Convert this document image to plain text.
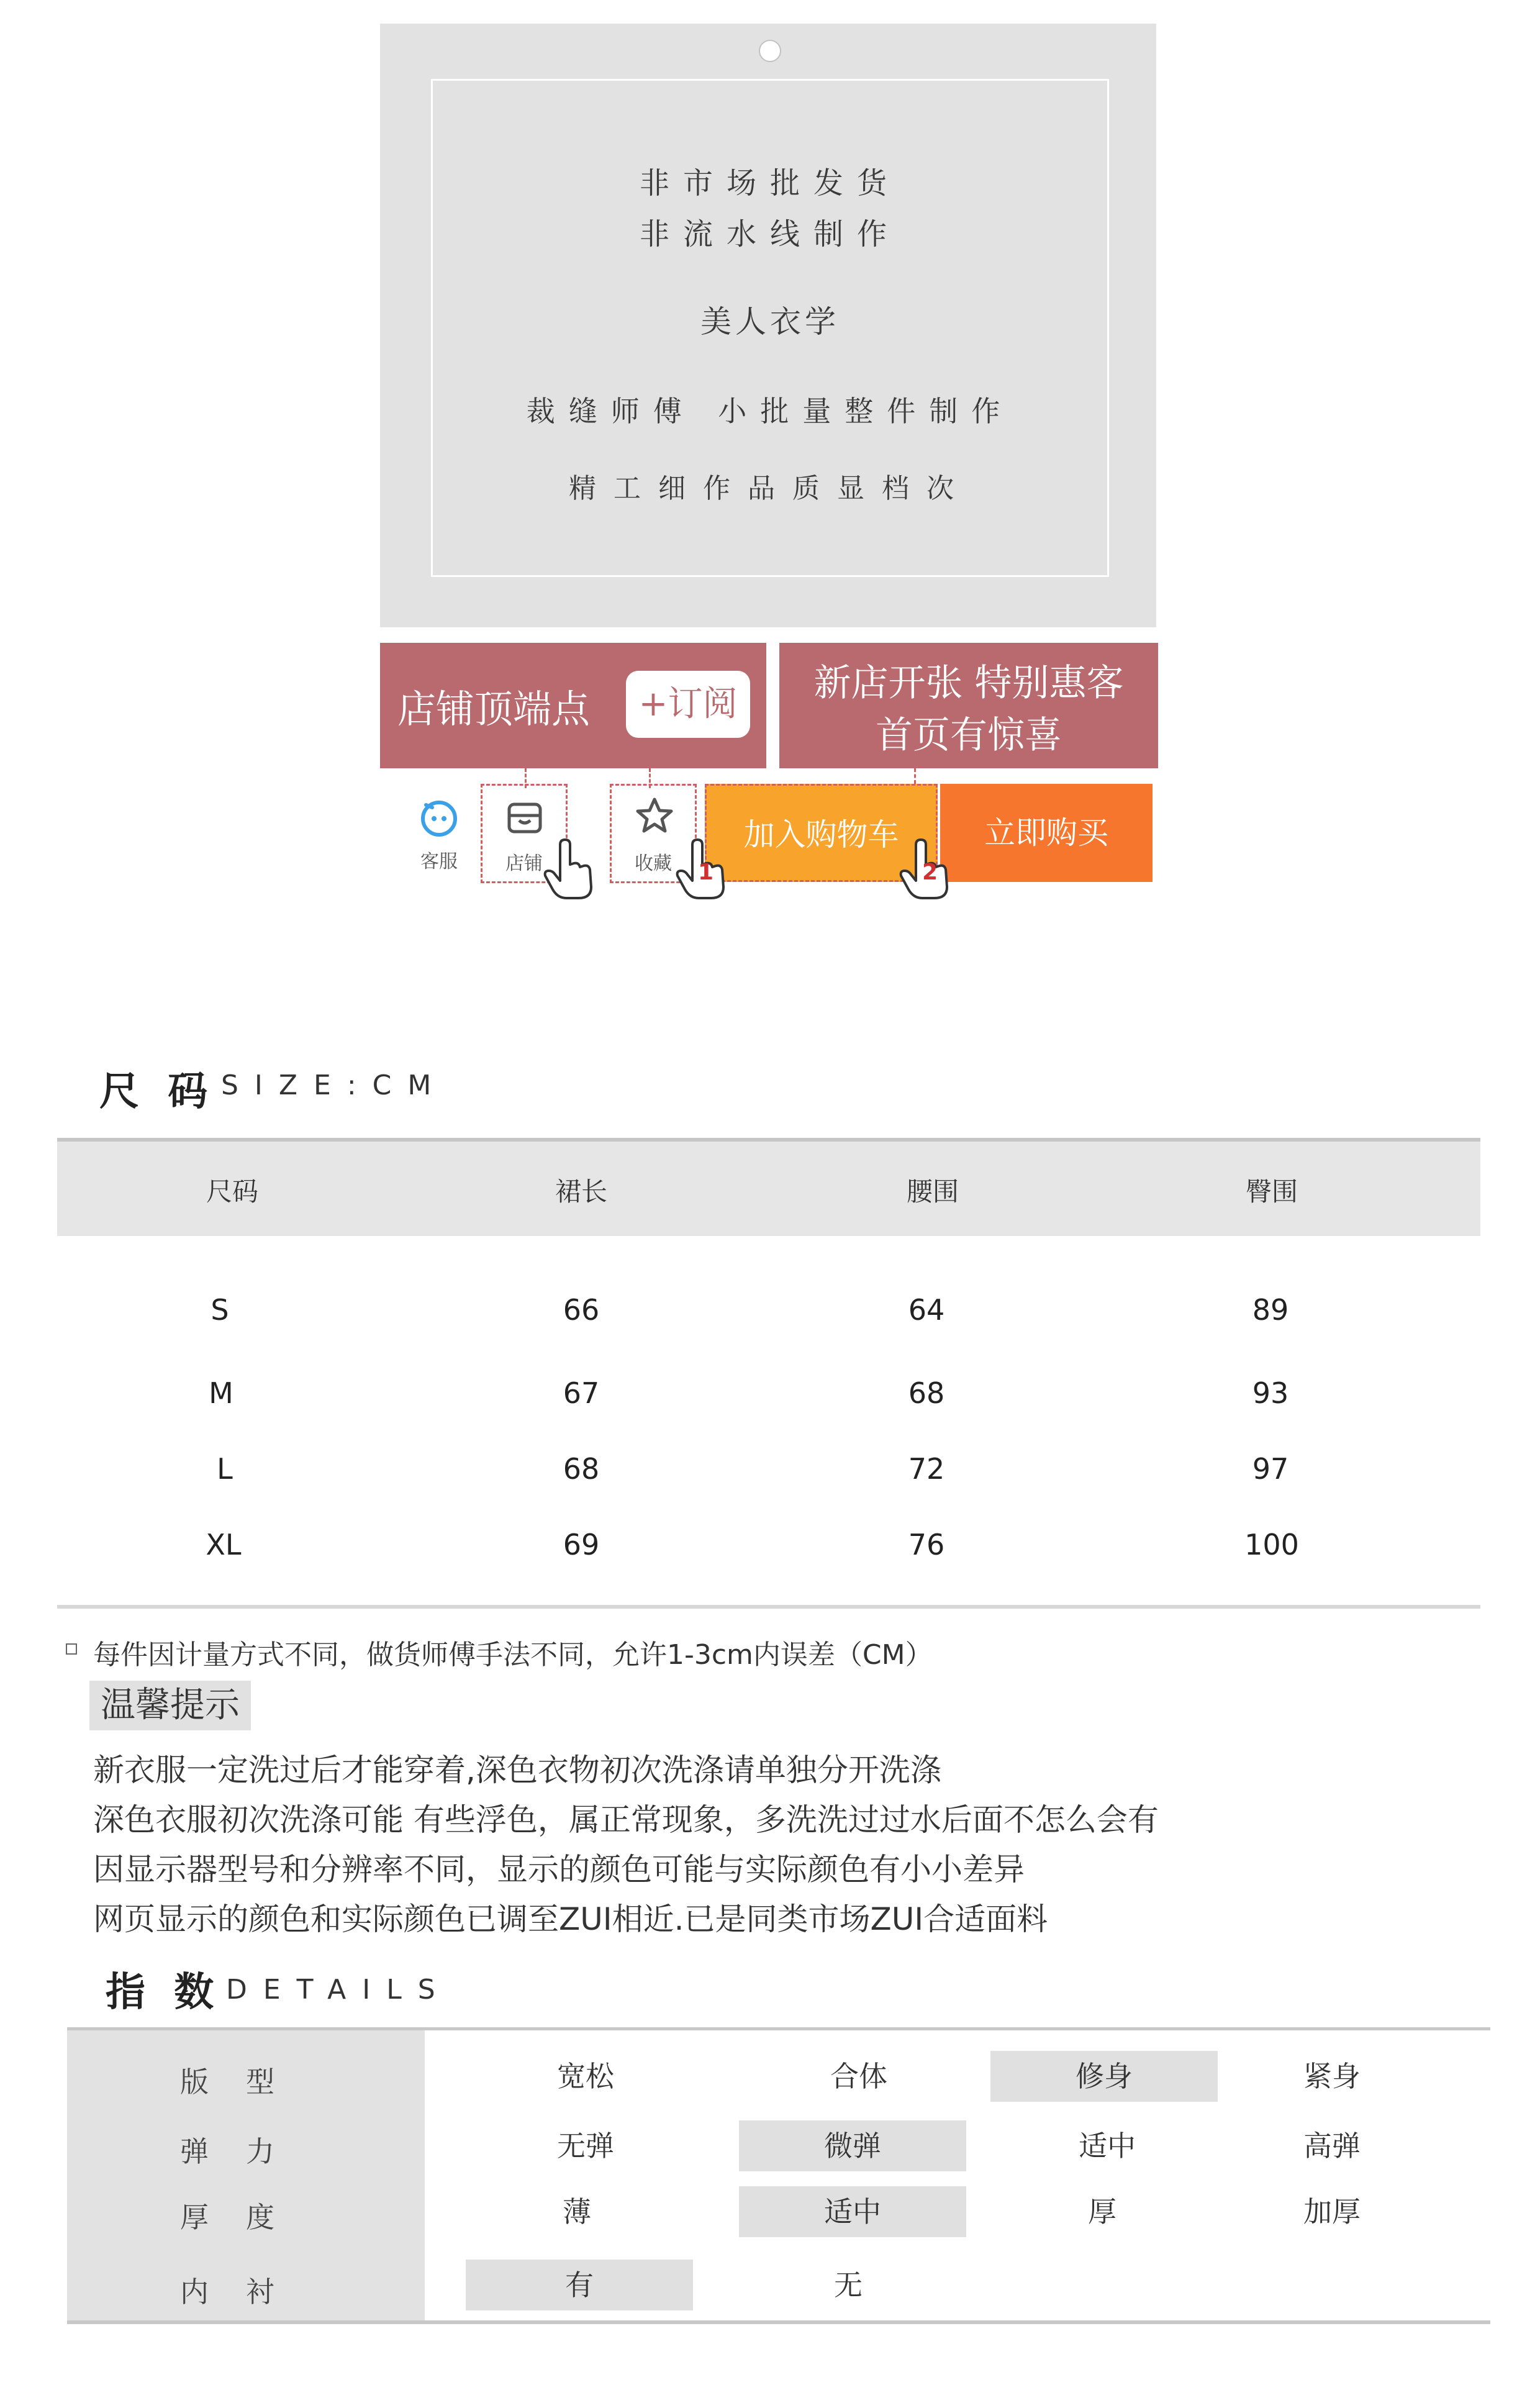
非市场批发货
非流水线制作
美人衣学
裁缝师傅 小批量整件制作
精工细作品质显档次
店铺顶端点	+订阅	新店开张 特别惠客
首页有惊喜
客服	店铺	收藏
加入购物车	立即购买
1	2
尺 码 SIZE:CM
尺码	裙长	腰围	臀围
S	66	64	89
M	67	68	93
L	68	72	97
XL	69	76	100
每件因计量方式不同，做货师傅手法不同，允许1-3cm内误差（CM）
温馨提示
新衣服一定洗过后才能穿着,深色衣物初次洗涤请单独分开洗涤
深色衣服初次洗涤可能 有些浮色，属正常现象，多洗洗过过水后面不怎么会有
因显示器型号和分辨率不同，显示的颜色可能与实际颜色有小小差异
网页显示的颜色和实际颜色已调至ZUI相近.已是同类市场ZUI合适面料
指 数 DETAILS
版型	宽松	合体	修身	紧身
弹力	无弹	微弹	适中	高弹
厚度	薄	适中	厚	加厚
内衬	有	无
